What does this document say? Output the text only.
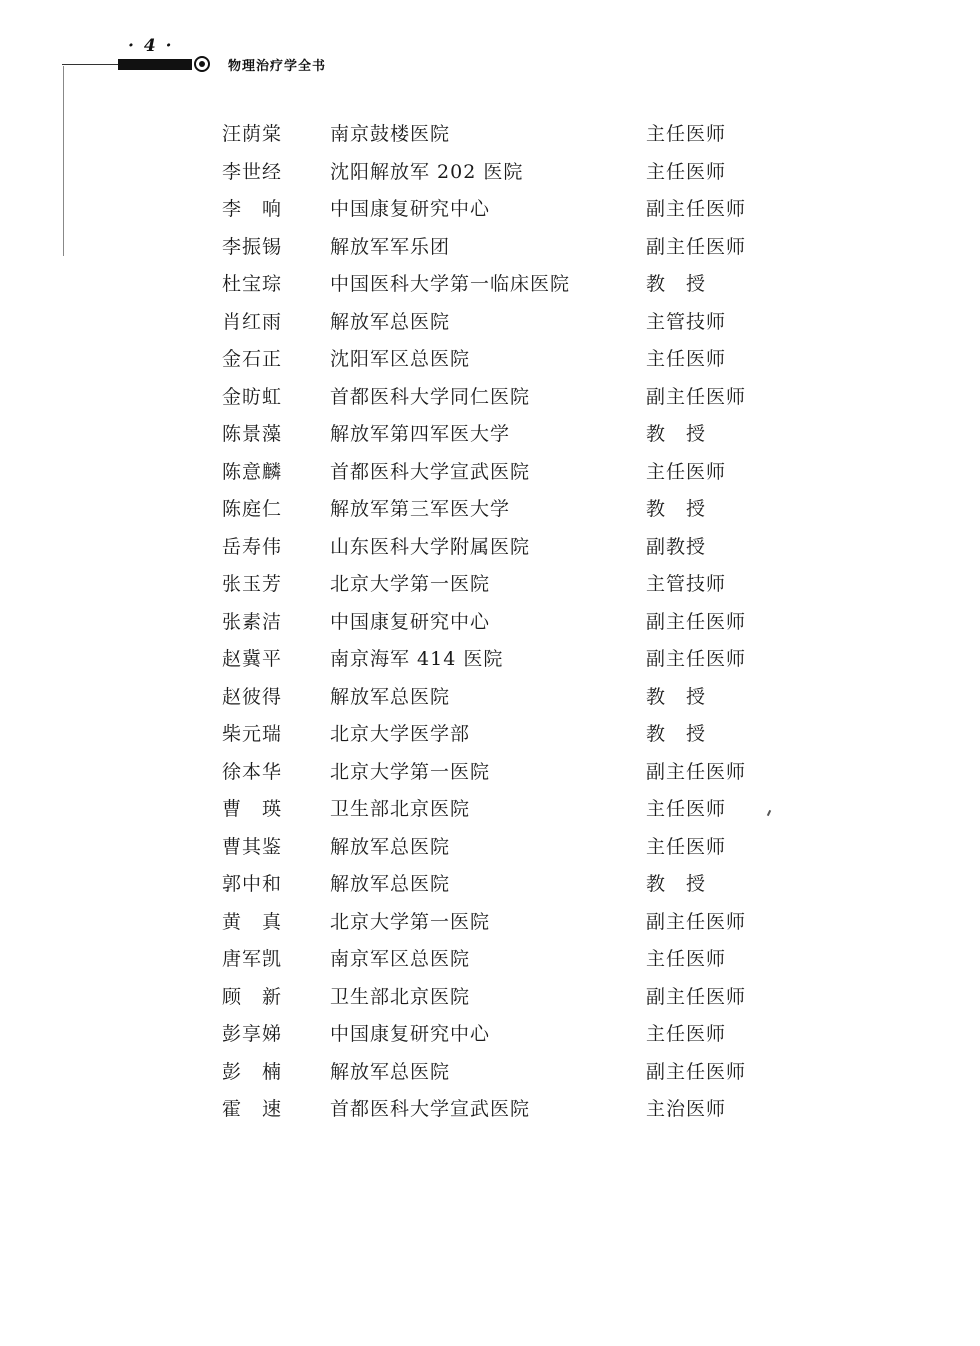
· 4 ·
物理治疗学全书
汪荫棠	南京鼓楼医院	主任医师
李世经	沈阳解放军 202 医院	主任医师
李　响	中国康复研究中心	副主任医师
李振锡	解放军军乐团	副主任医师
杜宝琮	中国医科大学第一临床医院	教　授
肖红雨	解放军总医院	主管技师
金石正	沈阳军区总医院	主任医师
金昉虹	首都医科大学同仁医院	副主任医师
陈景藻	解放军第四军医大学	教　授
陈意麟	首都医科大学宣武医院	主任医师
陈庭仁	解放军第三军医大学	教　授
岳寿伟	山东医科大学附属医院	副教授
张玉芳	北京大学第一医院	主管技师
张素洁	中国康复研究中心	副主任医师
赵冀平	南京海军 414 医院	副主任医师
赵彼得	解放军总医院	教　授
柴元瑞	北京大学医学部	教　授
徐本华	北京大学第一医院	副主任医师
曹　瑛	卫生部北京医院	主任医师
曹其鉴	解放军总医院	主任医师
郭中和	解放军总医院	教　授
黄　真	北京大学第一医院	副主任医师
唐军凯	南京军区总医院	主任医师
顾　新	卫生部北京医院	副主任医师
彭享娣	中国康复研究中心	主任医师
彭　楠	解放军总医院	副主任医师
霍　速	首都医科大学宣武医院	主治医师
